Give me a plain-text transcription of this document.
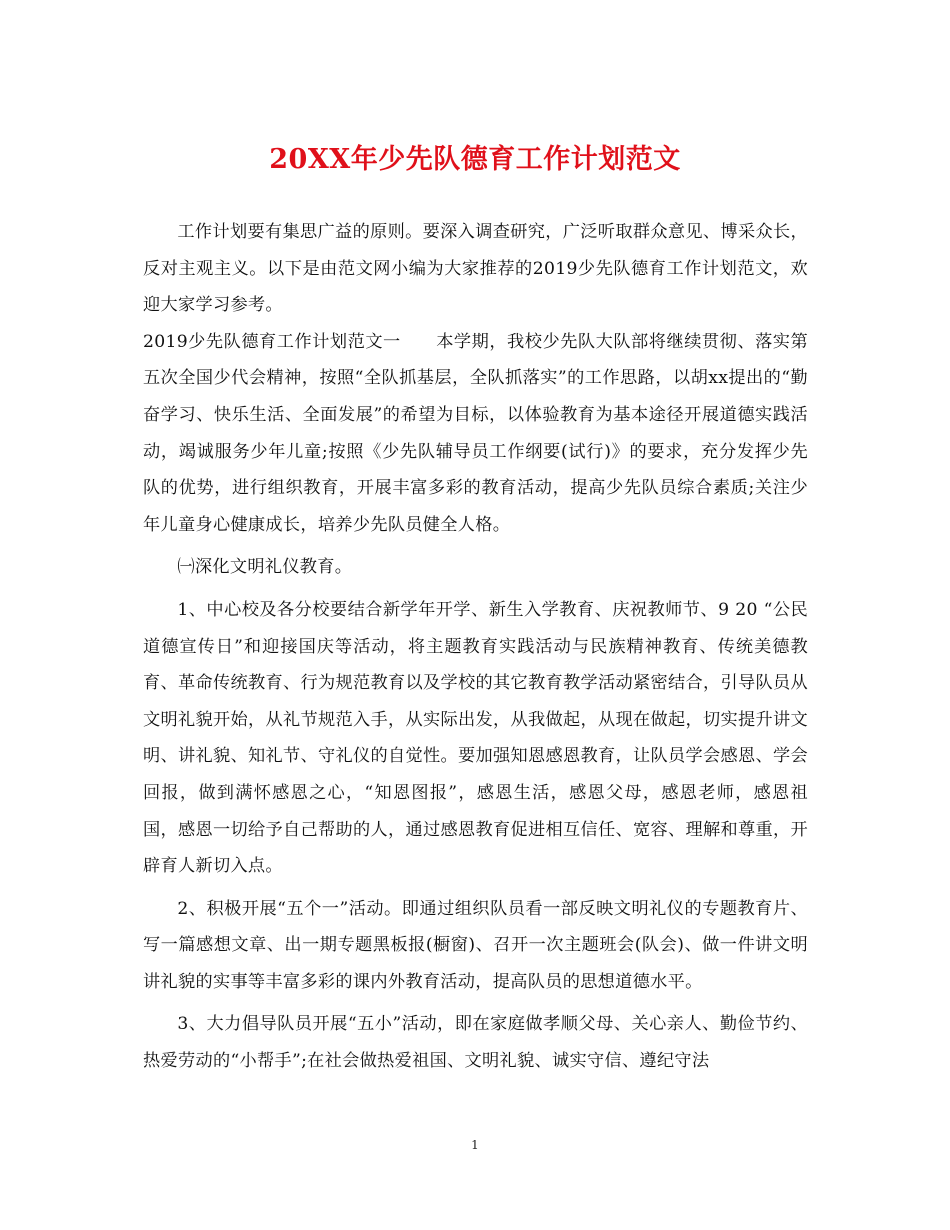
20XX年少先队德育工作计划范文

工作计划要有集思广益的原则。要深入调查研究，广泛听取群众意见、博采众长，反对主观主义。以下是由范文网小编为大家推荐的2019少先队德育工作计划范文，欢迎大家学习参考。

2019少先队德育工作计划范文一　　本学期，我校少先队大队部将继续贯彻、落实第五次全国少代会精神，按照“全队抓基层，全队抓落实”的工作思路，以胡xx提出的“勤奋学习、快乐生活、全面发展”的希望为目标，以体验教育为基本途径开展道德实践活动，竭诚服务少年儿童;按照《少先队辅导员工作纲要(试行)》的要求，充分发挥少先队的优势，进行组织教育，开展丰富多彩的教育活动，提高少先队员综合素质;关注少年儿童身心健康成长，培养少先队员健全人格。

㈠深化文明礼仪教育。

1、中心校及各分校要结合新学年开学、新生入学教育、庆祝教师节、9 20 “公民道德宣传日”和迎接国庆等活动，将主题教育实践活动与民族精神教育、传统美德教育、革命传统教育、行为规范教育以及学校的其它教育教学活动紧密结合，引导队员从文明礼貌开始，从礼节规范入手，从实际出发，从我做起，从现在做起，切实提升讲文明、讲礼貌、知礼节、守礼仪的自觉性。要加强知恩感恩教育，让队员学会感恩、学会回报，做到满怀感恩之心，“知恩图报”，感恩生活，感恩父母，感恩老师，感恩祖国，感恩一切给予自己帮助的人，通过感恩教育促进相互信任、宽容、理解和尊重，开辟育人新切入点。

2、积极开展“五个一”活动。即通过组织队员看一部反映文明礼仪的专题教育片、写一篇感想文章、出一期专题黑板报(橱窗)、召开一次主题班会(队会)、做一件讲文明讲礼貌的实事等丰富多彩的课内外教育活动，提高队员的思想道德水平。

3、大力倡导队员开展“五小”活动，即在家庭做孝顺父母、关心亲人、勤俭节约、热爱劳动的“小帮手”;在社会做热爱祖国、文明礼貌、诚实守信、遵纪守法

1
